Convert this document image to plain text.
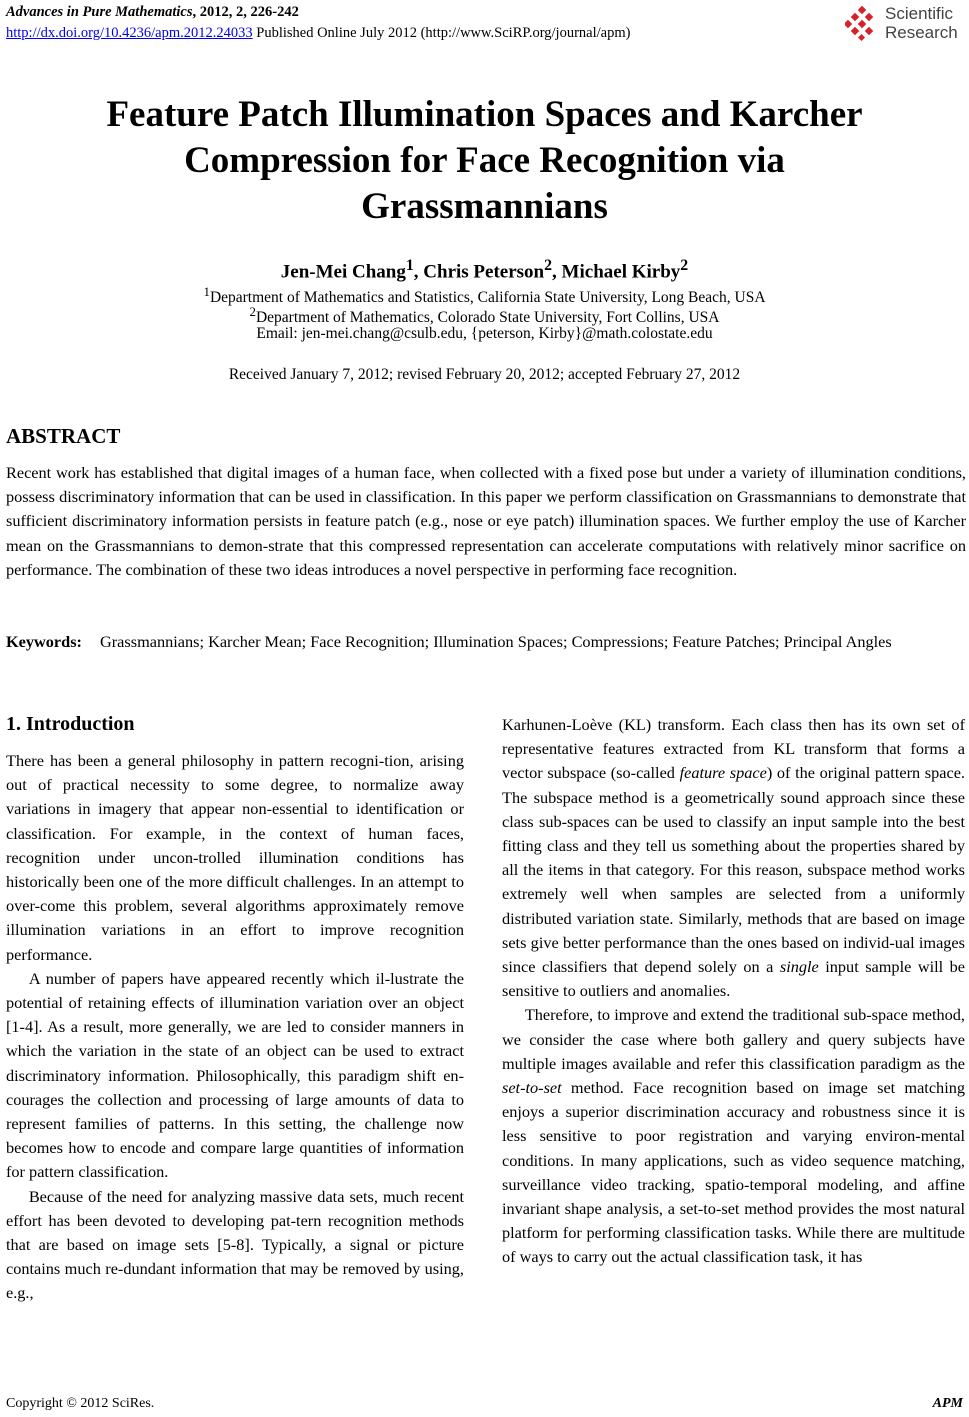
Advances in Pure Mathematics, 2012, 2, 226-242
http://dx.doi.org/10.4236/apm.2012.24033 Published Online July 2012 (http://www.SciRP.org/journal/apm)
Scientific
Research
Feature Patch Illumination Spaces and Karcher
Compression for Face Recognition via
Grassmannians
Jen-Mei Chang$^1$, Chris Peterson$^2$, Michael Kirby$^2$
$^1$Department of Mathematics and Statistics, California State University, Long Beach, USA
$^2$Department of Mathematics, Colorado State University, Fort Collins, USA
Email: jen-mei.chang@csulb.edu, {peterson, Kirby}@math.colostate.edu
Received January 7, 2012; revised February 20, 2012; accepted February 27, 2012
ABSTRACT
Recent work has established that digital images of a human face, when collected with a fixed pose but under a variety of illumination conditions, possess discriminatory information that can be used in classification. In this paper we perform classification on Grassmannians to demonstrate that sufficient discriminatory information persists in feature patch (e.g., nose or eye patch) illumination spaces. We further employ the use of Karcher mean on the Grassmannians to demon-strate that this compressed representation can accelerate computations with relatively minor sacrifice on performance. The combination of these two ideas introduces a novel perspective in performing face recognition.
Keywords: Grassmannians; Karcher Mean; Face Recognition; Illumination Spaces; Compressions; Feature Patches; Principal Angles
1. Introduction

There has been a general philosophy in pattern recogni-tion, arising out of practical necessity to some degree, to normalize away variations in imagery that appear non-essential to identification or classification. For example, in the context of human faces, recognition under uncon-trolled illumination conditions has historically been one of the more difficult challenges. In an attempt to over-come this problem, several algorithms approximately remove illumination variations in an effort to improve recognition performance.

A number of papers have appeared recently which il-lustrate the potential of retaining effects of illumination variation over an object [1-4]. As a result, more generally, we are led to consider manners in which the variation in the state of an object can be used to extract discriminatory information. Philosophically, this paradigm shift en-courages the collection and processing of large amounts of data to represent families of patterns. In this setting, the challenge now becomes how to encode and compare large quantities of information for pattern classification.

Because of the need for analyzing massive data sets, much recent effort has been devoted to developing pat-tern recognition methods that are based on image sets [5-8]. Typically, a signal or picture contains much re-dundant information that may be removed by using, e.g.,

Karhunen-Loève (KL) transform. Each class then has its own set of representative features extracted from KL transform that forms a vector subspace (so-called feature space) of the original pattern space. The subspace method is a geometrically sound approach since these class sub-spaces can be used to classify an input sample into the best fitting class and they tell us something about the properties shared by all the items in that category. For this reason, subspace method works extremely well when samples are selected from a uniformly distributed variation state. Similarly, methods that are based on image sets give better performance than the ones based on individ-ual images since classifiers that depend solely on a single input sample will be sensitive to outliers and anomalies.

Therefore, to improve and extend the traditional sub-space method, we consider the case where both gallery and query subjects have multiple images available and refer this classification paradigm as the set-to-set method. Face recognition based on image set matching enjoys a superior discrimination accuracy and robustness since it is less sensitive to poor registration and varying environ-mental conditions. In many applications, such as video sequence matching, surveillance video tracking, spatio-temporal modeling, and affine invariant shape analysis, a set-to-set method provides the most natural platform for performing classification tasks. While there are multitude of ways to carry out the actual classification task, it has

Copyright © 2012 SciRes.	APM
